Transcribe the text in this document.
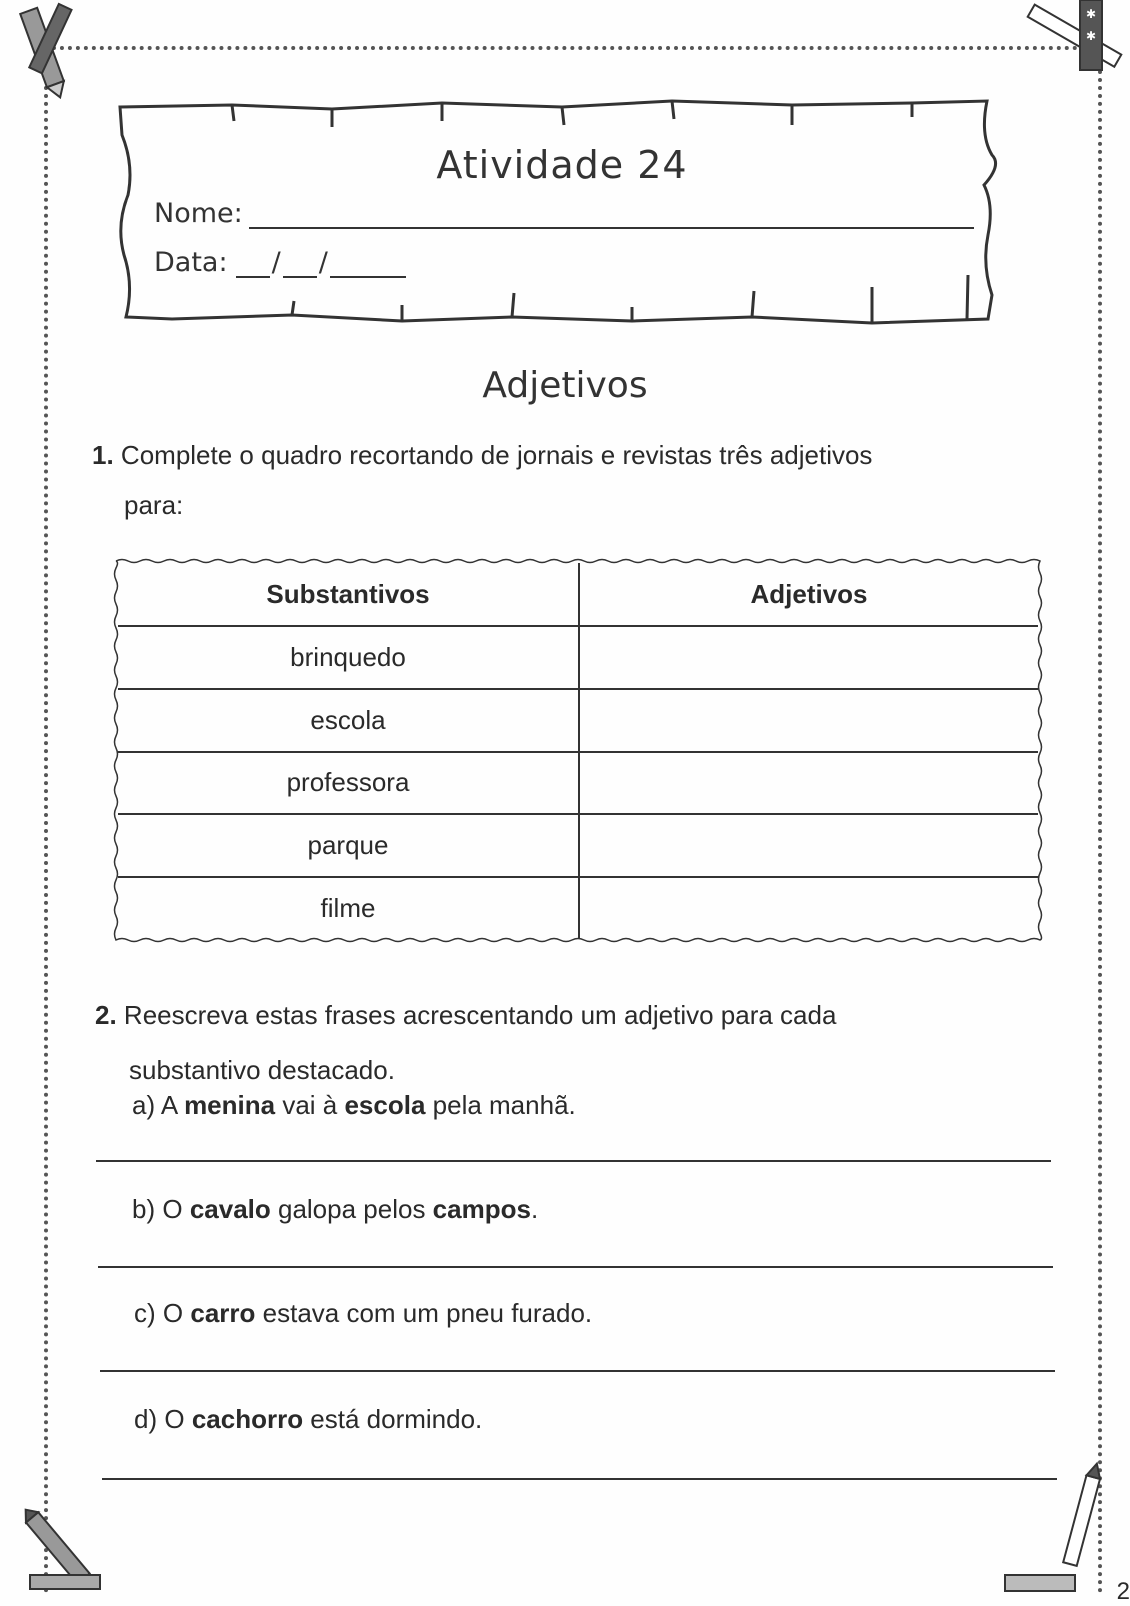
✱
✱
Atividade 24
Nome:
Data: / /
Adjetivos
1. Complete o quadro recortando de jornais e revistas três adjetivos
para:
Substantivos	Adjetivos
brinquedo	
escola	
professora	
parque	
filme	
2. Reescreva estas frases acrescentando um adjetivo para cada
substantivo destacado.
a) A menina vai à escola pela manhã.
b) O cavalo galopa pelos campos.
c) O carro estava com um pneu furado.
d) O cachorro está dormindo.
2
